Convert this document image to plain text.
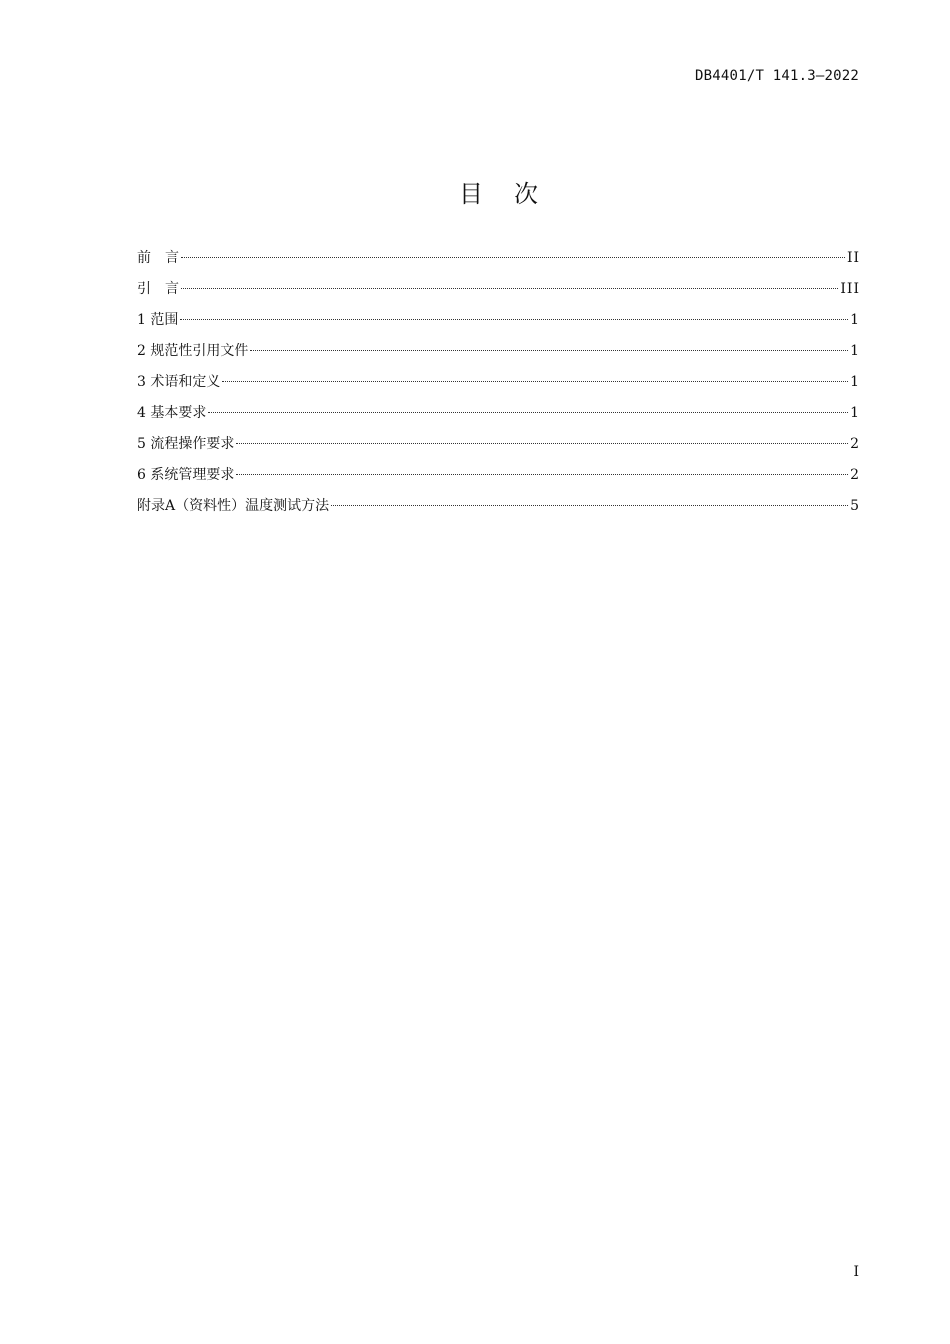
DB4401/T 141.3—2022
目 次
前　言	II
引　言	III
1 范围	1
2 规范性引用文件	1
3 术语和定义	1
4 基本要求	1
5 流程操作要求	2
6 系统管理要求	2
附录A（资料性）温度测试方法	5
I
